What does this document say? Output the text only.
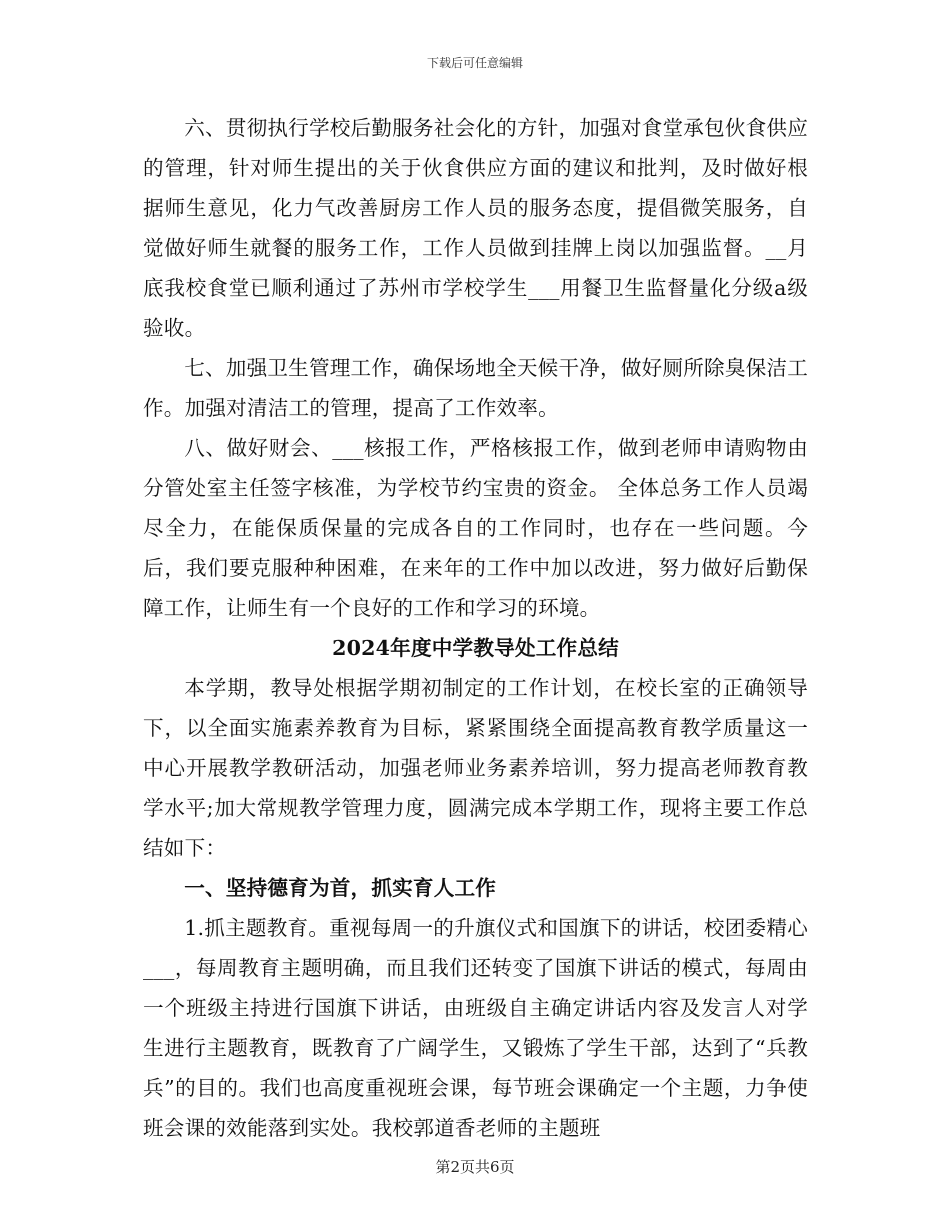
下载后可任意编辑

六、贯彻执行学校后勤服务社会化的方针，加强对食堂承包伙食供应的管理，针对师生提出的关于伙食供应方面的建议和批判，及时做好根据师生意见，化力气改善厨房工作人员的服务态度，提倡微笑服务，自觉做好师生就餐的服务工作，工作人员做到挂牌上岗以加强监督。__月底我校食堂已顺利通过了苏州市学校学生___用餐卫生监督量化分级a级验收。

七、加强卫生管理工作，确保场地全天候干净，做好厕所除臭保洁工作。加强对清洁工的管理，提高了工作效率。

八、做好财会、___核报工作，严格核报工作，做到老师申请购物由分管处室主任签字核准，为学校节约宝贵的资金。 全体总务工作人员竭尽全力，在能保质保量的完成各自的工作同时，也存在一些问题。今后，我们要克服种种困难，在来年的工作中加以改进，努力做好后勤保障工作，让师生有一个良好的工作和学习的环境。

2024年度中学教导处工作总结

本学期，教导处根据学期初制定的工作计划，在校长室的正确领导下，以全面实施素养教育为目标，紧紧围绕全面提高教育教学质量这一中心开展教学教研活动，加强老师业务素养培训，努力提高老师教育教学水平;加大常规教学管理力度，圆满完成本学期工作，现将主要工作总结如下：

一、坚持德育为首，抓实育人工作

1.抓主题教育。重视每周一的升旗仪式和国旗下的讲话，校团委精心___，每周教育主题明确，而且我们还转变了国旗下讲话的模式，每周由一个班级主持进行国旗下讲话，由班级自主确定讲话内容及发言人对学生进行主题教育，既教育了广阔学生，又锻炼了学生干部，达到了“兵教兵”的目的。我们也高度重视班会课，每节班会课确定一个主题，力争使班会课的效能落到实处。我校郭道香老师的主题班

第2页共6页
